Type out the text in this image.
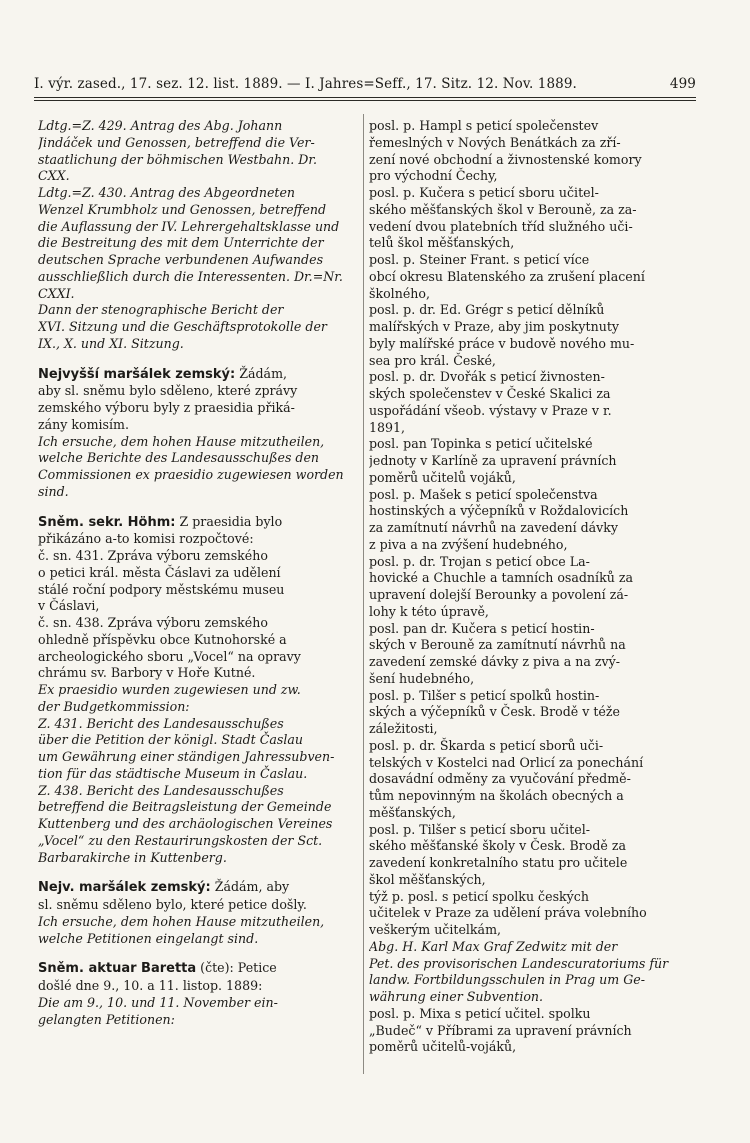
I. výr. zased., 17. sez. 12. list. 1889. — I. Jahres=Seff., 17. Sitz. 12. Nov. 1889.	499
Ldtg.=Z. 429. Antrag des Abg. Johann
Jindáček und Genossen, betreffend die Ver-
staatlichung der böhmischen Westbahn. Dr.
CXX.
Ldtg.=Z. 430. Antrag des Abgeordneten
Wenzel Krumbholz und Genossen, betreffend
die Auflassung der IV. Lehrergehaltsklasse und
die Bestreitung des mit dem Unterrichte der
deutschen Sprache verbundenen Aufwandes
ausschließlich durch die Interessenten. Dr.=Nr.
CXXI.
Dann der stenographische Bericht der
XVI. Sitzung und die Geschäftsprotokolle der
IX., X. und XI. Sitzung.
Nejvyšší maršálek zemský: Žádám,
aby sl. sněmu bylo sděleno, které zprávy
zemského výboru byly z praesidia přiká-
zány komisím.
Ich ersuche, dem hohen Hause mitzutheilen,
welche Berichte des Landesausschußes den
Commissionen ex praesidio zugewiesen worden
sind.
Sněm. sekr. Höhm: Z praesidia bylo
přikázáno a-to komisi rozpočtové:
č. sn. 431. Zpráva výboru zemského
o petici král. města Čáslavi za udělení
stálé roční podpory městskému museu
v Čáslavi,
č. sn. 438. Zpráva výboru zemského
ohledně příspěvku obce Kutnohorské a
archeologického sboru „Vocel“ na opravy
chrámu sv. Barbory v Hoře Kutné.
Ex praesidio wurden zugewiesen und zw.
der Budgetkommission:
Z. 431. Bericht des Landesausschußes
über die Petition der königl. Stadt Časlau
um Gewährung einer ständigen Jahressubven-
tion für das städtische Museum in Časlau.
Z. 438. Bericht des Landesausschußes
betreffend die Beitragsleistung der Gemeinde
Kuttenberg und des archäologischen Vereines
„Vocel“ zu den Restaurirungskosten der Sct.
Barbarakirche in Kuttenberg.
Nejv. maršálek zemský: Žádám, aby
sl. sněmu sděleno bylo, které petice došly.
Ich ersuche, dem hohen Hause mitzutheilen,
welche Petitionen eingelangt sind.
Sněm. aktuar Baretta (čte): Petice
došlé dne 9., 10. a 11. listop. 1889:
Die am 9., 10. und 11. November ein-
gelangten Petitionen:
posl. p. Hampl s peticí společenstev
řemeslných v Nových Benátkách za zří-
zení nové obchodní a živnostenské komory
pro východní Čechy,
posl. p. Kučera s peticí sboru učitel-
ského měšťanských škol v Berouně, za za-
vedení dvou platebních tříd služného uči-
telů škol měšťanských,
posl. p. Steiner Frant. s peticí více
obcí okresu Blatenského za zrušení placení
školného,
posl. p. dr. Ed. Grégr s peticí dělníků
malířských v Praze, aby jim poskytnuty
byly malířské práce v budově nového mu-
sea pro král. České,
posl. p. dr. Dvořák s peticí živnosten-
ských společenstev v České Skalici za
uspořádání všeob. výstavy v Praze v r.
1891,
posl. pan Topinka s peticí učitelské
jednoty v Karlíně za upravení právních
poměrů učitelů vojáků,
posl. p. Mašek s peticí společenstva
hostinských a výčepníků v Roždalovicích
za zamítnutí návrhů na zavedení dávky
z piva a na zvýšení hudebného,
posl. p. dr. Trojan s peticí obce La-
hovické a Chuchle a tamních osadníků za
upravení dolejší Berounky a povolení zá-
lohy k této úpravě,
posl. pan dr. Kučera s peticí hostin-
ských v Berouně za zamítnutí návrhů na
zavedení zemské dávky z piva a na zvý-
šení hudebného,
posl. p. Tilšer s peticí spolků hostin-
ských a výčepníků v Česk. Brodě v téže
záležitosti,
posl. p. dr. Škarda s peticí sborů uči-
telských v Kostelci nad Orlicí za ponechání
dosavádní odměny za vyučování předmě-
tům nepovinným na školách obecných a
měšťanských,
posl. p. Tilšer s peticí sboru učitel-
ského měšťanské školy v Česk. Brodě za
zavedení konkretalního statu pro učitele
škol měšťanských,
týž p. posl. s peticí spolku českých
učitelek v Praze za udělení práva volebního
veškerým učitelkám,
Abg. H. Karl Max Graf Zedwitz mit der
Pet. des provisorischen Landescuratoriums für
landw. Fortbildungsschulen in Prag um Ge-
währung einer Subvention.
posl. p. Mixa s peticí učitel. spolku
„Budeč“ v Příbrami za upravení právních
poměrů učitelů-vojáků,
